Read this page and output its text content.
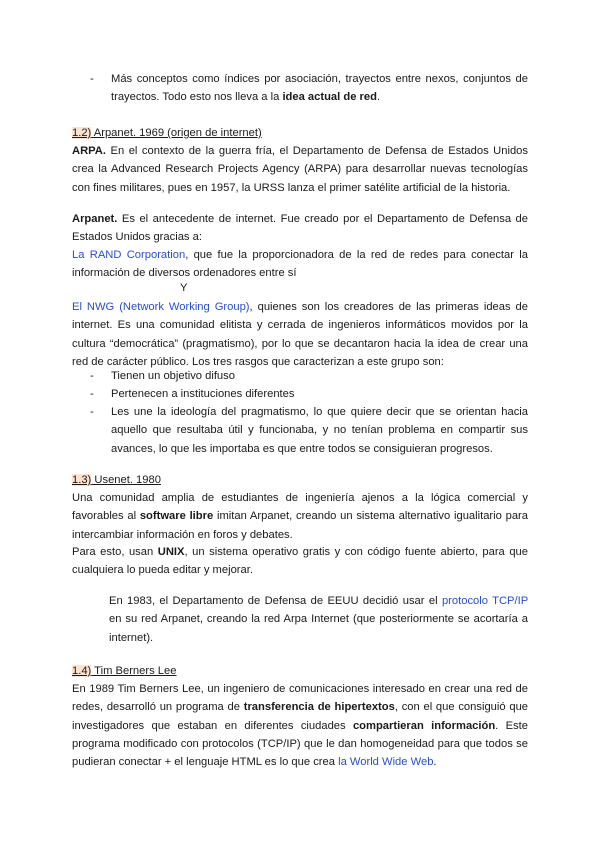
- Más conceptos como índices por asociación, trayectos entre nexos, conjuntos de trayectos. Todo esto nos lleva a la idea actual de red.
1.2) Arpanet. 1969 (origen de internet)

ARPA. En el contexto de la guerra fría, el Departamento de Defensa de Estados Unidos crea la Advanced Research Projects Agency (ARPA) para desarrollar nuevas tecnologías con fines militares, pues en 1957, la URSS lanza el primer satélite artificial de la historia.

Arpanet. Es el antecedente de internet. Fue creado por el Departamento de Defensa de Estados Unidos gracias a:

La RAND Corporation, que fue la proporcionadora de la red de redes para conectar la información de diversos ordenadores entre sí

Y

El NWG (Network Working Group), quienes son los creadores de las primeras ideas de internet. Es una comunidad elitista y cerrada de ingenieros informáticos movidos por la cultura “democrática” (pragmatismo), por lo que se decantaron hacia la idea de crear una red de carácter público. Los tres rasgos que caracterizan a este grupo son:

- Tienen un objetivo difuso
- Pertenecen a instituciones diferentes
- Les une la ideología del pragmatismo, lo que quiere decir que se orientan hacia aquello que resultaba útil y funcionaba, y no tenían problema en compartir sus avances, lo que les importaba es que entre todos se consiguieran progresos.
1.3) Usenet. 1980

Una comunidad amplia de estudiantes de ingeniería ajenos a la lógica comercial y favorables al software libre imitan Arpanet, creando un sistema alternativo igualitario para intercambiar información en foros y debates.

Para esto, usan UNIX, un sistema operativo gratis y con código fuente abierto, para que cualquiera lo pueda editar y mejorar.

En 1983, el Departamento de Defensa de EEUU decidió usar el protocolo TCP/IP en su red Arpanet, creando la red Arpa Internet (que posteriormente se acortaría a internet).

1.4) Tim Berners Lee

En 1989 Tim Berners Lee, un ingeniero de comunicaciones interesado en crear una red de redes, desarrolló un programa de transferencia de hipertextos, con el que consiguió que investigadores que estaban en diferentes ciudades compartieran información. Este programa modificado con protocolos (TCP/IP) que le dan homogeneidad para que todos se pudieran conectar + el lenguaje HTML es lo que crea la World Wide Web.
